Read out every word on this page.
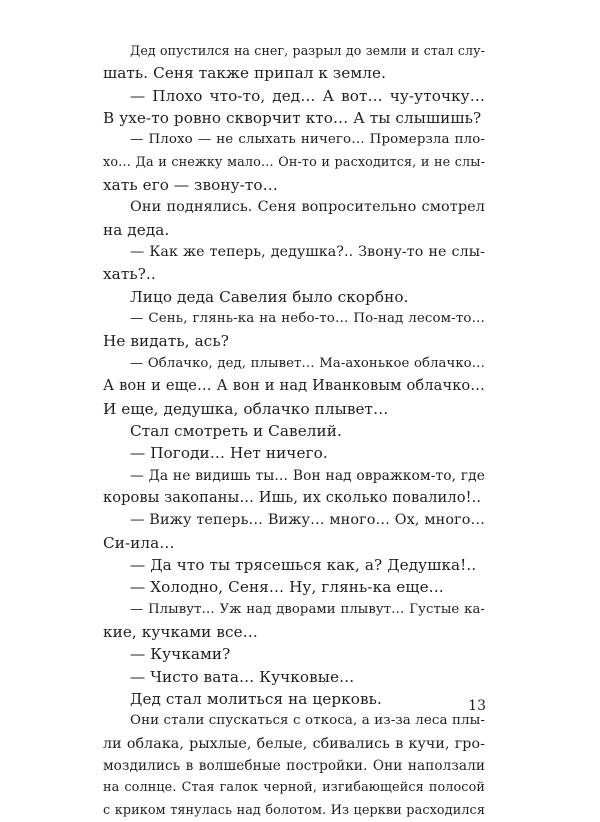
Дед опустился на снег, разрыл до земли и стал слу-
шать. Сеня также припал к земле.
— Плохо что-то, дед… А вот… чу-уточку…
В ухе-то ровно скворчит кто… А ты слышишь?
— Плохо — не слыхать ничего… Промерзла пло-
хо… Да и снежку мало… Он-то и расходится, и не слы-
хать его — звону-то…
Они поднялись. Сеня вопросительно смотрел
на деда.
— Как же теперь, дедушка?.. Звону-то не слы-
хать?..
Лицо деда Савелия было скорбно.
— Сень, глянь-ка на небо-то… По-над лесом-то…
Не видать, ась?
— Облачко, дед, плывет… Ма-ахонькое облачко…
А вон и еще… А вон и над Иванковым облачко…
И еще, дедушка, облачко плывет…
Стал смотреть и Савелий.
— Погоди… Нет ничего.
— Да не видишь ты… Вон над овражком-то, где
коровы закопаны… Ишь, их сколько повалило!..
— Вижу теперь… Вижу… много… Ох, много…
Си-ила…
— Да что ты трясешься как, а? Дедушка!..
— Холодно, Сеня… Ну, глянь-ка еще…
— Плывут… Уж над дворами плывут… Густые ка-
кие, кучками все…
— Кучками?
— Чисто вата… Кучковые…
Дед стал молиться на церковь.
Они стали спускаться с откоса, а из-за леса плы-
ли облака, рыхлые, белые, сбивались в кучи, гро-
моздились в волшебные постройки. Они наползали
на солнце. Стая галок черной, изгибающейся полосой
с криком тянулась над болотом. Из церкви расходился
13
